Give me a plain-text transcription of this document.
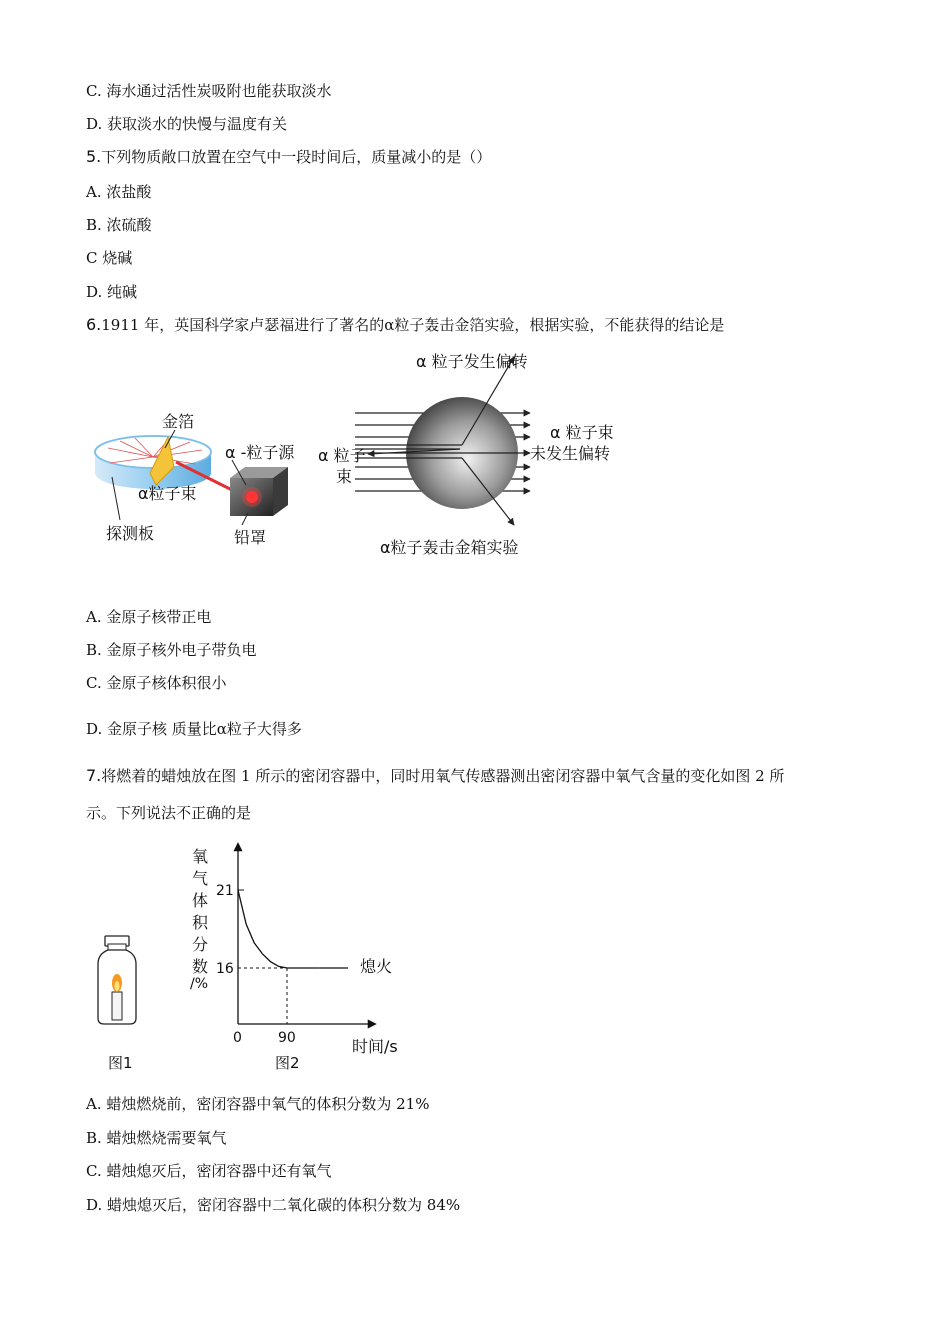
C. 海水通过活性炭吸附也能获取淡水
D. 获取淡水的快慢与温度有关
5.下列物质敞口放置在空气中一段时间后，质量减小的是（）
A. 浓盐酸
B. 浓硫酸
C 烧碱
D. 纯碱
6.1911 年，英国科学家卢瑟福进行了著名的α粒子轰击金箔实验，根据实验，不能获得的结论是
金箔
α -粒子源
α粒子束
探测板	铅罩
α 粒子发生偏转
α 粒子
束
α 粒子束
未发生偏转
α粒子轰击金箱实验
A. 金原子核带正电
B. 金原子核外电子带负电
C. 金原子核体积很小
D. 金原子核 质量比α粒子大得多
7.将燃着的蜡烛放在图 1 所示的密闭容器中，同时用氧气传感器测出密闭容器中氧气含量的变化如图 2 所
示。下列说法不正确的是
图1
氧
气
体
积
分
数
/%
21
16
0	90
熄火
时间/s
图2
A. 蜡烛燃烧前，密闭容器中氧气的体积分数为 21%
B. 蜡烛燃烧需要氧气
C. 蜡烛熄灭后，密闭容器中还有氧气
D. 蜡烛熄灭后，密闭容器中二氧化碳的体积分数为 84%
